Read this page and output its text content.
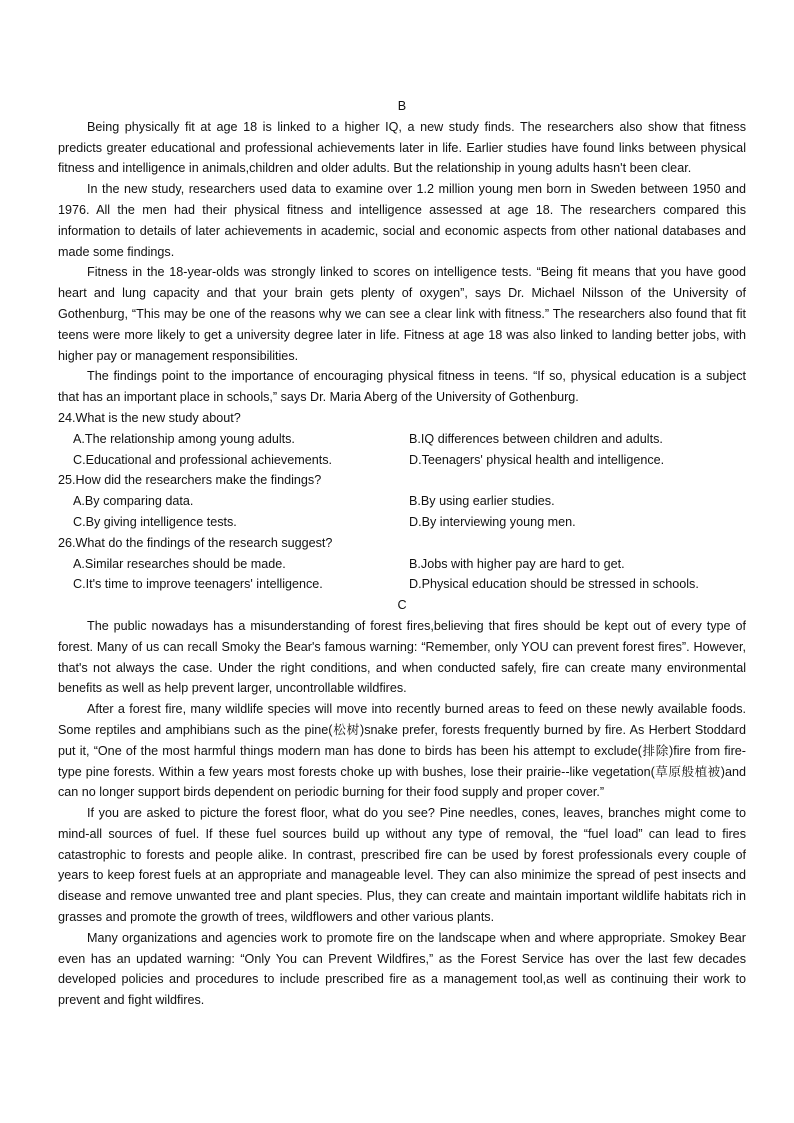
B

Being physically fit at age 18 is linked to a higher IQ, a new study finds. The researchers also show that fitness predicts greater educational and professional achievements later in life. Earlier studies have found links between physical fitness and intelligence in animals,children and older adults. But the relationship in young adults hasn't been clear.

In the new study, researchers used data to examine over 1.2 million young men born in Sweden between 1950 and 1976. All the men had their physical fitness and intelligence assessed at age 18. The researchers compared this information to details of later achievements in academic, social and economic aspects from other national databases and made some findings.

Fitness in the 18-year-olds was strongly linked to scores on intelligence tests. “Being fit means that you have good heart and lung capacity and that your brain gets plenty of oxygen”, says Dr. Michael Nilsson of the University of Gothenburg, “This may be one of the reasons why we can see a clear link with fitness.” The researchers also found that fit teens were more likely to get a university degree later in life. Fitness at age 18 was also linked to landing better jobs, with higher pay or management responsibilities.

The findings point to the importance of encouraging physical fitness in teens. “If so, physical education is a subject that has an important place in schools,” says Dr. Maria Aberg of the University of Gothenburg.

24.What is the new study about?

A.The relationship among young adults.	B.IQ differences between children and adults.
C.Educational and professional achievements.	D.Teenagers' physical health and intelligence.

25.How did the researchers make the findings?

A.By comparing data.	B.By using earlier studies.
C.By giving intelligence tests.	D.By interviewing young men.

26.What do the findings of the research suggest?

A.Similar researches should be made.	B.Jobs with higher pay are hard to get.
C.It's time to improve teenagers' intelligence.	D.Physical education should be stressed in schools.

C

The public nowadays has a misunderstanding of forest fires,believing that fires should be kept out of every type of forest. Many of us can recall Smoky the Bear's famous warning: “Remember, only YOU can prevent forest fires”. However, that's not always the case. Under the right conditions, and when conducted safely, fire can create many environmental benefits as well as help prevent larger, uncontrollable wildfires.

After a forest fire, many wildlife species will move into recently burned areas to feed on these newly available foods. Some reptiles and amphibians such as the pine(松树)snake prefer, forests frequently burned by fire. As Herbert Stoddard put it, “One of the most harmful things modern man has done to birds has been his attempt to exclude(排除)fire from fire-type pine forests. Within a few years most forests choke up with bushes, lose their prairie--like vegetation(草原般植被)and can no longer support birds dependent on periodic burning for their food supply and proper cover.”

If you are asked to picture the forest floor, what do you see? Pine needles, cones, leaves, branches might come to mind-all sources of fuel. If these fuel sources build up without any type of removal, the “fuel load” can lead to fires catastrophic to forests and people alike. In contrast, prescribed fire can be used by forest professionals every couple of years to keep forest fuels at an appropriate and manageable level. They can also minimize the spread of pest insects and disease and remove unwanted tree and plant species. Plus, they can create and maintain important wildlife habitats rich in grasses and promote the growth of trees, wildflowers and other various plants.

Many organizations and agencies work to promote fire on the landscape when and where appropriate. Smokey Bear even has an updated warning: “Only You can Prevent Wildfires,” as the Forest Service has over the last few decades developed policies and procedures to include prescribed fire as a management tool,as well as continuing their work to prevent and fight wildfires.
